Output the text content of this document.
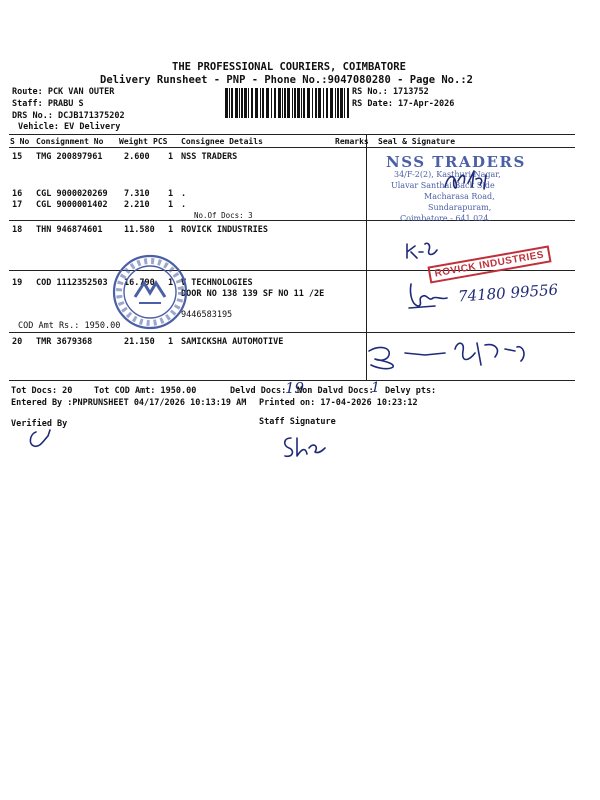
THE PROFESSIONAL COURIERS, COIMBATORE
Delivery Runsheet - PNP - Phone No.:9047080280 - Page No.:2
Route: PCK VAN OUTER
Staff: PRABU S
DRS No.: DCJB171375202
Vehicle: EV Delivery
RS No.: 1713752
RS Date: 17-Apr-2026
S No Consignment No Weight PCS Consignee Details	Remarks Seal & Signature
15 TMG 200897961	2.600 1 NSS TRADERS
16 CGL 9000020269 7.310 1 .
17 CGL 9000001402 2.210 1 .
No.Of Docs: 3
18 THN 946874601	11.580 1 ROVICK INDUSTRIES
19 COD 1112352503 16.790 1 V TECHNOLOGIES
DOOR NO 138 139 SF NO 11 /2E
9446583195
COD Amt Rs.: 1950.00
20 TMR 3679368	21.150 1 SAMICKSHA AUTOMOTIVE
NSS TRADERS
34/F-2(2), Kasthuri Nagar,
Ulavar Santhai Back Side
Macharasa Road,
Sundarapuram,
Coimbatore - 641 024.
ROVICK INDUSTRIES
74180 99556
Tot Docs: 20	Tot COD Amt: 1950.00	Delvd Docs:
19
Non Dalvd Docs:
1 Delvy pts:
Entered By :PNPRUNSHEET 04/17/2026 10:13:19 AM Printed on: 17-04-2026 10:23:12
Verified By	Staff Signature
